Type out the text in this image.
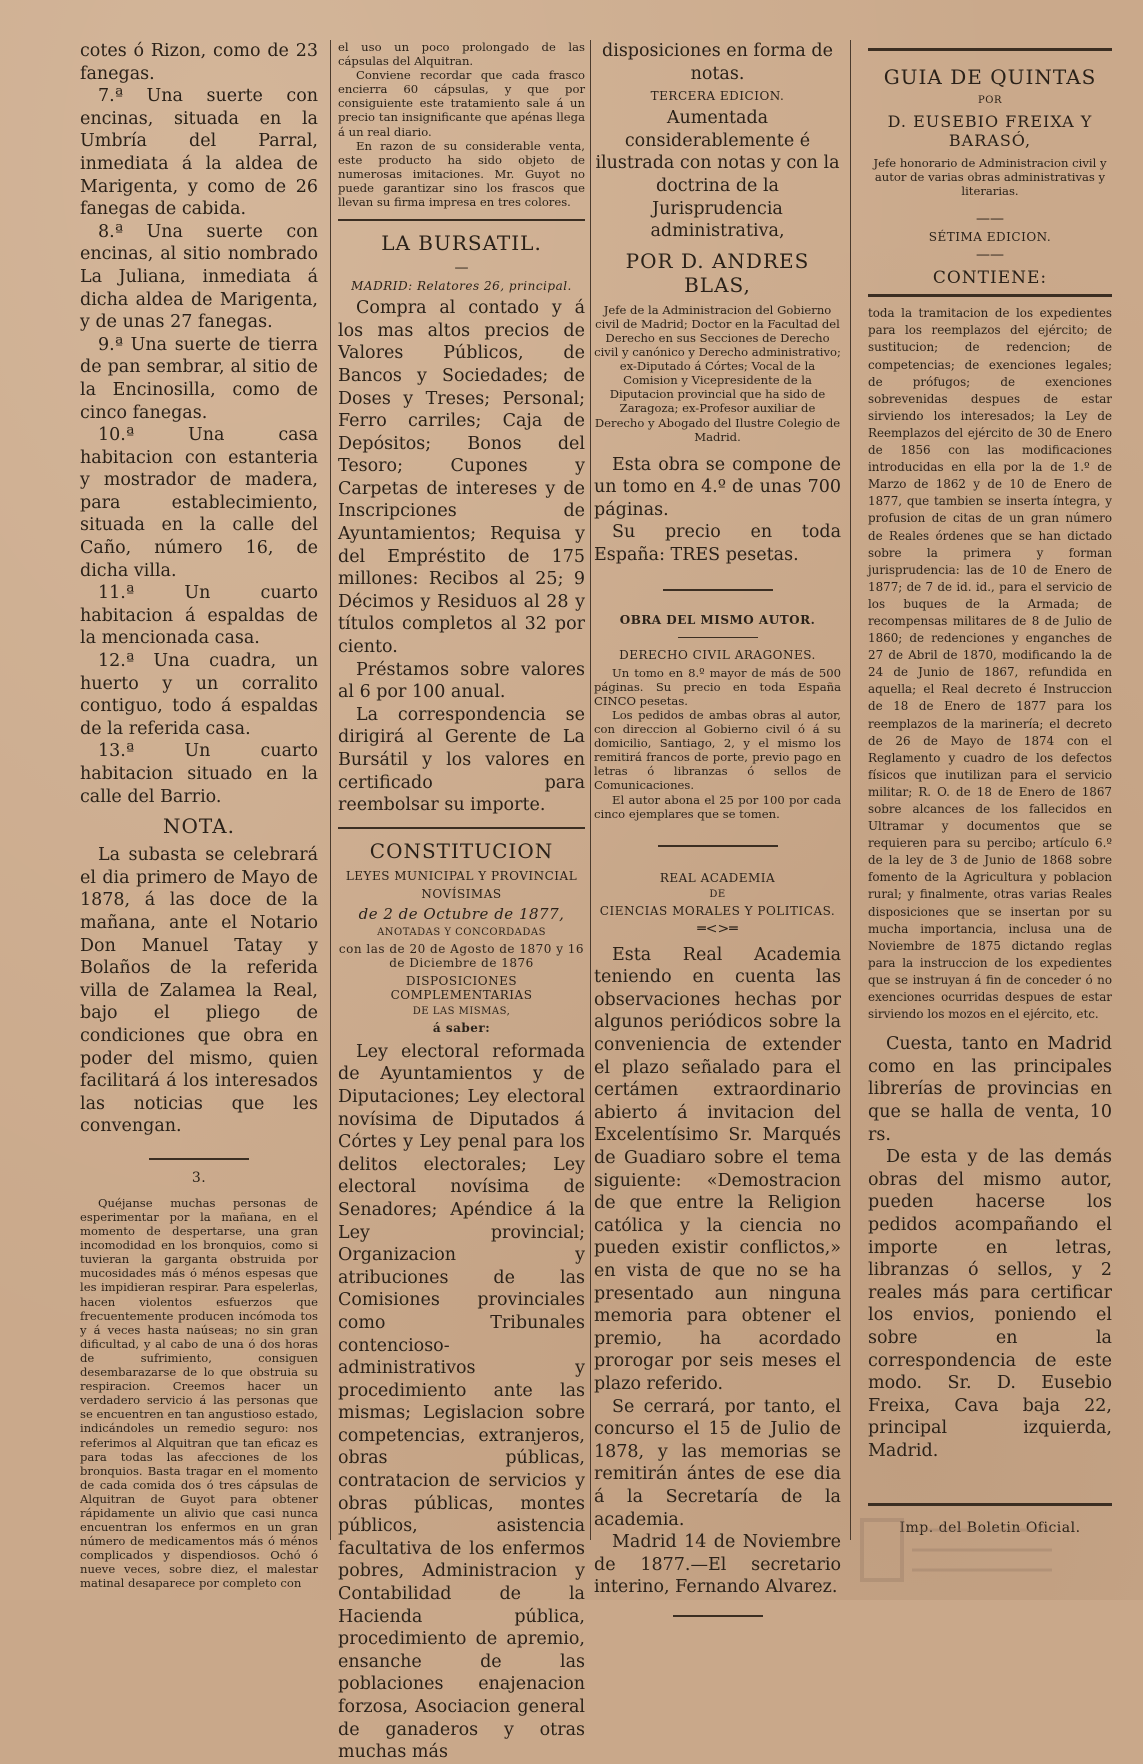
cotes ó Rizon, como de 23 fanegas.

7.ª Una suerte con encinas, situada en la Umbría del Parral, inmediata á la aldea de Marigenta, y como de 26 fanegas de cabida.

8.ª Una suerte con encinas, al sitio nombrado La Juliana, inmediata á dicha aldea de Marigenta, y de unas 27 fanegas.

9.ª Una suerte de tierra de pan sembrar, al sitio de la Encinosilla, como de cinco fanegas.

10.ª Una casa habitacion con estanteria y mostrador de madera, para establecimiento, situada en la calle del Caño, número 16, de dicha villa.

11.ª Un cuarto habitacion á espaldas de la mencionada casa.

12.ª Una cuadra, un huerto y un corralito contiguo, todo á espaldas de la referida casa.

13.ª Un cuarto habitacion situado en la calle del Barrio.

NOTA.

La subasta se celebrará el dia primero de Mayo de 1878, á las doce de la mañana, ante el Notario Don Manuel Tatay y Bolaños de la referida villa de Zalamea la Real, bajo el pliego de condiciones que obra en poder del mismo, quien facilitará á los interesados las noticias que les convengan.

3.

Quéjanse muchas personas de esperimentar por la mañana, en el momento de despertarse, una gran incomodidad en los bronquios, como si tuvieran la garganta obstruida por mucosidades más ó ménos espesas que les impidieran respirar. Para espelerlas, hacen violentos esfuerzos que frecuentemente producen incómoda tos y á veces hasta naúseas; no sin gran dificultad, y al cabo de una ó dos horas de sufrimiento, consiguen desembarazarse de lo que obstruia su respiracion. Creemos hacer un verdadero servicio á las personas que se encuentren en tan angustioso estado, indicándoles un remedio seguro: nos referimos al Alquitran que tan eficaz es para todas las afecciones de los bronquios. Basta tragar en el momento de cada comida dos ó tres cápsulas de Alquitran de Guyot para obtener rápidamente un alivio que casi nunca encuentran los enfermos en un gran número de medicamentos más ó ménos complicados y dispendiosos. Ochó ó nueve veces, sobre diez, el malestar matinal desaparece por completo con

el uso un poco prolongado de las cápsulas del Alquitran.

Conviene recordar que cada frasco encierra 60 cápsulas, y que por consiguiente este tratamiento sale á un precio tan insignificante que apénas llega á un real diario.

En razon de su considerable venta, este producto ha sido objeto de numerosas imitaciones. Mr. Guyot no puede garantizar sino los frascos que llevan su firma impresa en tres colores.

LA BURSATIL.
—
MADRID: Relatores 26, principal.

Compra al contado y á los mas altos precios de Valores Públicos, de Bancos y Sociedades; de Doses y Treses; Personal; Ferro carriles; Caja de Depósitos; Bonos del Tesoro; Cupones y Carpetas de intereses y de Inscripciones de Ayuntamientos; Requisa y del Empréstito de 175 millones: Recibos al 25; 9 Décimos y Residuos al 28 y títulos completos al 32 por ciento.

Préstamos sobre valores al 6 por 100 anual.

La correspondencia se dirigirá al Gerente de La Bursátil y los valores en certificado para reembolsar su importe.

CONSTITUCION
LEYES MUNICIPAL Y PROVINCIAL
NOVÍSIMAS
de 2 de Octubre de 1877,
ANOTADAS Y CONCORDADAS
con las de 20 de Agosto de 1870 y 16 de Diciembre de 1876
DISPOSICIONES COMPLEMENTARIAS
DE LAS MISMAS,
á saber:

Ley electoral reformada de Ayuntamientos y de Diputaciones; Ley electoral novísima de Diputados á Córtes y Ley penal para los delitos electorales; Ley electoral novísima de Senadores; Apéndice á la Ley provincial; Organizacion y atribuciones de las Comisiones provinciales como Tribunales contencioso-administrativos y procedimiento ante las mismas; Legislacion sobre competencias, extranjeros, obras públicas, contratacion de servicios y obras públicas, montes públicos, asistencia facultativa de los enfermos pobres, Administracion y Contabilidad de la Hacienda pública, procedimiento de apremio, ensanche de las poblaciones enajenacion forzosa, Asociacion general de ganaderos y otras muchas más

disposiciones en forma de notas.

TERCERA EDICION.

Aumentada considerablemente é ilustrada con notas y con la doctrina de la Jurisprudencia administrativa,

POR D. ANDRES BLAS,

Jefe de la Administracion del Gobierno civil de Madrid; Doctor en la Facultad del Derecho en sus Secciones de Derecho civil y canónico y Derecho administrativo; ex-Diputado á Córtes; Vocal de la Comision y Vicepresidente de la Diputacion provincial que ha sido de Zaragoza; ex-Profesor auxiliar de Derecho y Abogado del Ilustre Colegio de Madrid.

Esta obra se compone de un tomo en 4.º de unas 700 páginas.

Su precio en toda España: TRES pesetas.

OBRA DEL MISMO AUTOR.
DERECHO CIVIL ARAGONES.

Un tomo en 8.º mayor de más de 500 páginas. Su precio en toda España CINCO pesetas.

Los pedidos de ambas obras al autor, con direccion al Gobierno civil ó á su domicilio, Santiago, 2, y el mismo los remitirá francos de porte, previo pago en letras ó libranzas ó sellos de Comunicaciones.

El autor abona el 25 por 100 por cada cinco ejemplares que se tomen.

REAL ACADEMIA
DE
CIENCIAS MORALES Y POLITICAS.
═<>═

Esta Real Academia teniendo en cuenta las observaciones hechas por algunos periódicos sobre la conveniencia de extender el plazo señalado para el certámen extraordinario abierto á invitacion del Excelentísimo Sr. Marqués de Guadiaro sobre el tema siguiente: «Demostracion de que entre la Religion católica y la ciencia no pueden existir conflictos,» en vista de que no se ha presentado aun ninguna memoria para obtener el premio, ha acordado prorogar por seis meses el plazo referido.

Se cerrará, por tanto, el concurso el 15 de Julio de 1878, y las memorias se remitirán ántes de ese dia á la Secretaría de la academia.

Madrid 14 de Noviembre de 1877.—El secretario interino, Fernando Alvarez.

GUIA DE QUINTAS
POR
D. EUSEBIO FREIXA Y BARASÓ,

Jefe honorario de Administracion civil y autor de varias obras administrativas y literarias.

——
SÉTIMA EDICION.
——
CONTIENE:

toda la tramitacion de los expedientes para los reemplazos del ejército; de sustitucion; de redencion; de competencias; de exenciones legales; de prófugos; de exenciones sobrevenidas despues de estar sirviendo los interesados; la Ley de Reemplazos del ejército de 30 de Enero de 1856 con las modificaciones introducidas en ella por la de 1.º de Marzo de 1862 y de 10 de Enero de 1877, que tambien se inserta íntegra, y profusion de citas de un gran número de Reales órdenes que se han dictado sobre la primera y forman jurisprudencia: las de 10 de Enero de 1877; de 7 de id. id., para el servicio de los buques de la Armada; de recompensas militares de 8 de Julio de 1860; de redenciones y enganches de 27 de Abril de 1870, modificando la de 24 de Junio de 1867, refundida en aquella; el Real decreto é Instruccion de 18 de Enero de 1877 para los reemplazos de la marinería; el decreto de 26 de Mayo de 1874 con el Reglamento y cuadro de los defectos físicos que inutilizan para el servicio militar; R. O. de 18 de Enero de 1867 sobre alcances de los fallecidos en Ultramar y documentos que se requieren para su percibo; artículo 6.º de la ley de 3 de Junio de 1868 sobre fomento de la Agricultura y poblacion rural; y finalmente, otras varias Reales disposiciones que se insertan por su mucha importancia, inclusa una de Noviembre de 1875 dictando reglas para la instruccion de los expedientes que se instruyan á fin de conceder ó no exenciones ocurridas despues de estar sirviendo los mozos en el ejército, etc.

Cuesta, tanto en Madrid como en las principales librerías de provincias en que se halla de venta, 10 rs.

De esta y de las demás obras del mismo autor, pueden hacerse los pedidos acompañando el importe en letras, libranzas ó sellos, y 2 reales más para certificar los envios, poniendo el sobre en la correspondencia de este modo. Sr. D. Eusebio Freixa, Cava baja 22, principal izquierda, Madrid.

Imp. del Boletin Oficial.
